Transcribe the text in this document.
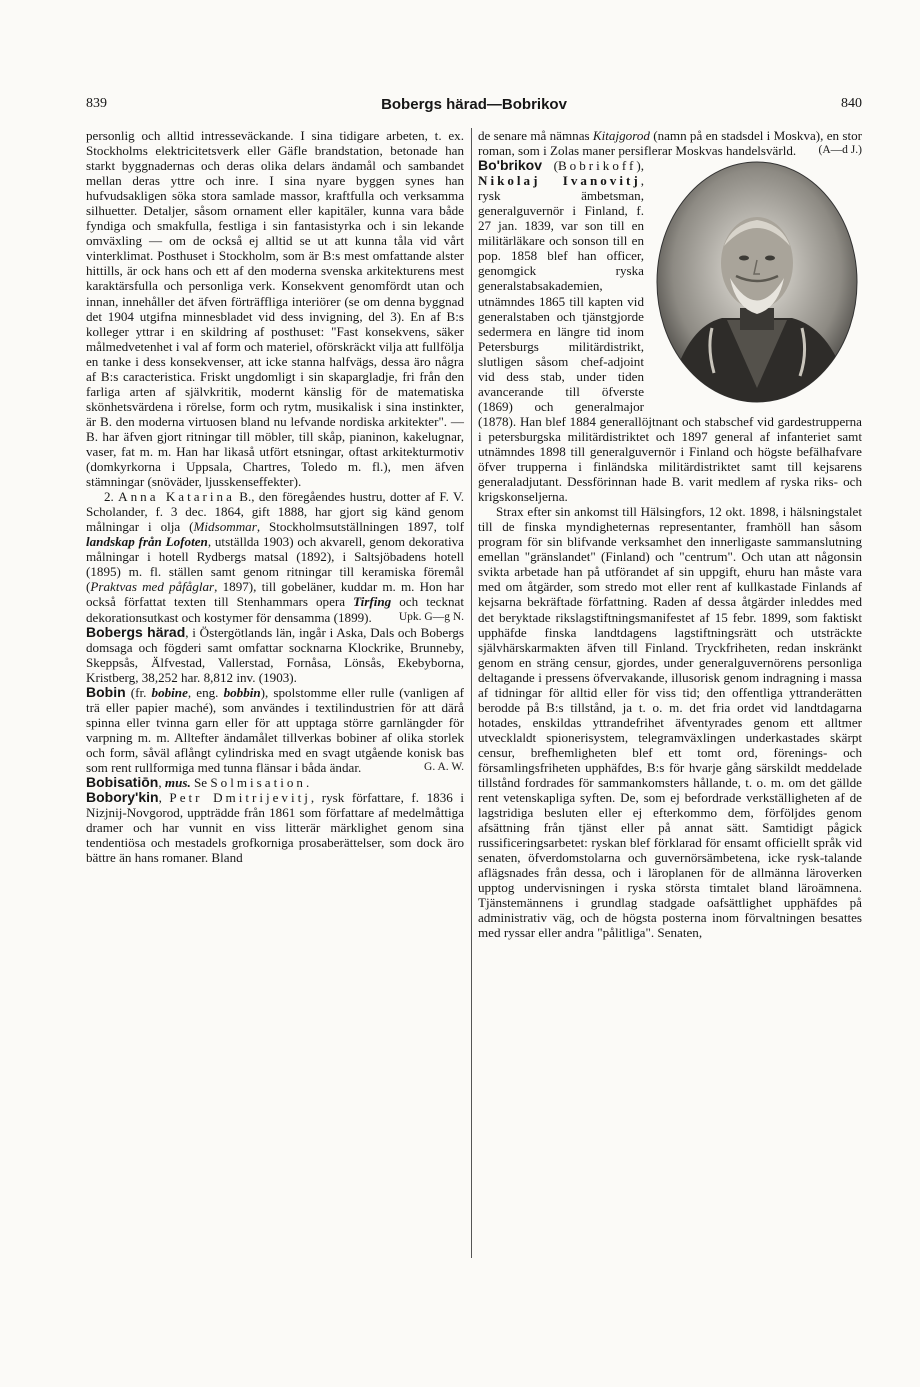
839	Bobergs härad—Bobrikov	840

personlig och alltid intresseväckande. I sina tidigare arbeten, t. ex. Stockholms elektricitetsverk eller Gäfle brandstation, betonade han starkt byggnadernas och deras olika delars ändamål och sambandet mellan deras yttre och inre. I sina nyare byggen synes han hufvudsakligen söka stora samlade massor, kraftfulla och verksamma silhuetter. Detaljer, såsom ornament eller kapitäler, kunna vara både fyndiga och smakfulla, festliga i sin fantasistyrka och i sin lekande omväxling — om de också ej alltid se ut att kunna tåla vid vårt vinterklimat. Posthuset i Stockholm, som är B:s mest omfattande alster hittills, är ock hans och ett af den moderna svenska arkitekturens mest karaktärsfulla och personliga verk. Konsekvent genomfördt utan och innan, innehåller det äfven förträffliga interiörer (se om denna byggnad det 1904 utgifna minnesbladet vid dess invigning, del 3). En af B:s kolleger yttrar i en skildring af posthuset: "Fast konsekvens, säker målmedvetenhet i val af form och materiel, oförskräckt vilja att fullfölja en tanke i dess konsekvenser, att icke stanna halfvägs, dessa äro några af B:s caracteristica. Friskt ungdomligt i sin skapargladje, fri från den farliga arten af självkritik, modernt känslig för de matematiska skönhetsvärdena i rörelse, form och rytm, musikalisk i sina instinkter, är B. den moderna virtuosen bland nu lefvande nordiska arkitekter". — B. har äfven gjort ritningar till möbler, till skåp, pianinon, kakelugnar, vaser, fat m. m. Han har likaså utfört etsningar, oftast arkitekturmotiv (domkyrkorna i Uppsala, Chartres, Toledo m. fl.), men äfven stämningar (snöväder, ljusskenseffekter).

2. Anna Katarina B., den föregåendes hustru, dotter af F. V. Scholander, f. 3 dec. 1864, gift 1888, har gjort sig känd genom målningar i olja (Midsommar, Stockholmsutställningen 1897, tolf landskap från Lofoten, utställda 1903) och akvarell, genom dekorativa målningar i hotell Rydbergs matsal (1892), i Saltsjöbadens hotell (1895) m. fl. ställen samt genom ritningar till keramiska föremål (Praktvas med påfåglar, 1897), till gobeläner, kuddar m. m. Hon har också författat texten till Stenhammars opera Tirfing och tecknat dekorationsutkast och kostymer för densamma (1899).	Upk. G—g N.

Bobergs härad, i Östergötlands län, ingår i Aska, Dals och Bobergs domsaga och fögderi samt omfattar socknarna Klockrike, Brunneby, Skeppsås, Älfvestad, Vallerstad, Fornåsa, Lönsås, Ekebyborna, Kristberg, 38,252 har. 8,812 inv. (1903).

Bobin (fr. bobine, eng. bobbin), spolstomme eller rulle (vanligen af trä eller papier maché), som användes i textilindustrien för att därå spinna eller tvinna garn eller för att upptaga större garnlängder för varpning m. m. Alltefter ändamålet tillverkas bobiner af olika storlek och form, såväl aflångt cylindriska med en svagt utgående konisk bas som rent rullformiga med tunna flänsar i båda ändar.	G. A. W.

Bobisatiōn, mus. Se Solmisation.

Bobory'kin, Petr Dmitrijevitj, rysk författare, f. 1836 i Nizjnij-Novgorod, uppträdde från 1861 som författare af medelmåttiga dramer och har vunnit en viss litterär märklighet genom sina tendentiösa och mestadels grofkorniga prosaberättelser, som dock äro bättre än hans romaner. Bland

de senare må nämnas Kitajgorod (namn på en stadsdel i Moskva), en stor roman, som i Zolas maner persiflerar Moskvas handelsvärld. (A—d J.)

Bo'brikov (Bobrikoff), Nikolaj Ivanovitj, rysk ämbetsman, generalguvernör i Finland, f. 27 jan. 1839, var son till en militärläkare och sonson till en pop. 1858 blef han officer, genomgick ryska generalstabsakademien, utnämndes 1865 till kapten vid generalstaben och tjänstgjorde sedermera en längre tid inom Petersburgs militärdistrikt, slutligen såsom chef-adjoint vid dess stab, under tiden avancerande till öfverste (1869) och generalmajor (1878). Han blef 1884 generallöjtnant och stabschef vid gardestrupperna i petersburgska militärdistriktet och 1897 general af infanteriet samt utnämndes 1898 till generalguvernör i Finland och högste befälhafvare öfver trupperna i finländska militärdistriktet samt till kejsarens generaladjutant. Dessförinnan hade B. varit medlem af ryska riks- och krigskonseljerna.

Strax efter sin ankomst till Hälsingfors, 12 okt. 1898, i hälsningstalet till de finska myndigheternas representanter, framhöll han såsom program för sin blifvande verksamhet den innerligaste sammanslutning emellan "gränslandet" (Finland) och "centrum". Och utan att någonsin svikta arbetade han på utförandet af sin uppgift, ehuru han måste vara med om åtgärder, som stredo mot eller rent af kullkastade Finlands af kejsarna bekräftade författning. Raden af dessa åtgärder inleddes med det beryktade rikslagstiftningsmanifestet af 15 febr. 1899, som faktiskt upphäfde finska landtdagens lagstiftningsrätt och utsträckte självhärskarmakten äfven till Finland. Tryckfriheten, redan inskränkt genom en sträng censur, gjordes, under generalguvernörens personliga deltagande i pressens öfvervakande, illusorisk genom indragning i massa af tidningar för alltid eller för viss tid; den offentliga yttranderätten berodde på B:s tillstånd, ja t. o. m. det fria ordet vid landtdagarna hotades, enskildas yttrandefrihet äfventyrades genom ett alltmer utvecklaldt spionerisystem, telegramväxlingen underkastades skärpt censur, brefhemligheten blef ett tomt ord, förenings- och församlingsfriheten upphäfdes, B:s för hvarje gång särskildt meddelade tillstånd fordrades för sammankomsters hållande, t. o. m. om det gällde rent vetenskapliga syften. De, som ej befordrade verkställigheten af de lagstridiga besluten eller ej efterkommo dem, förföljdes genom afsättning från tjänst eller på annat sätt. Samtidigt pågick russificeringsarbetet: ryskan blef förklarad för ensamt officiellt språk vid senaten, öfverdomstolarna och guvernörsämbetena, icke rysk-talande aflägsnades från dessa, och i läroplanen för de allmänna läroverken upptog undervisningen i ryska största timtalet bland läroämnena. Tjänstemännens i grundlag stadgade oafsättlighet upphäfdes på administrativ väg, och de högsta posterna inom förvaltningen besattes med ryssar eller andra "pålitliga". Senaten,
